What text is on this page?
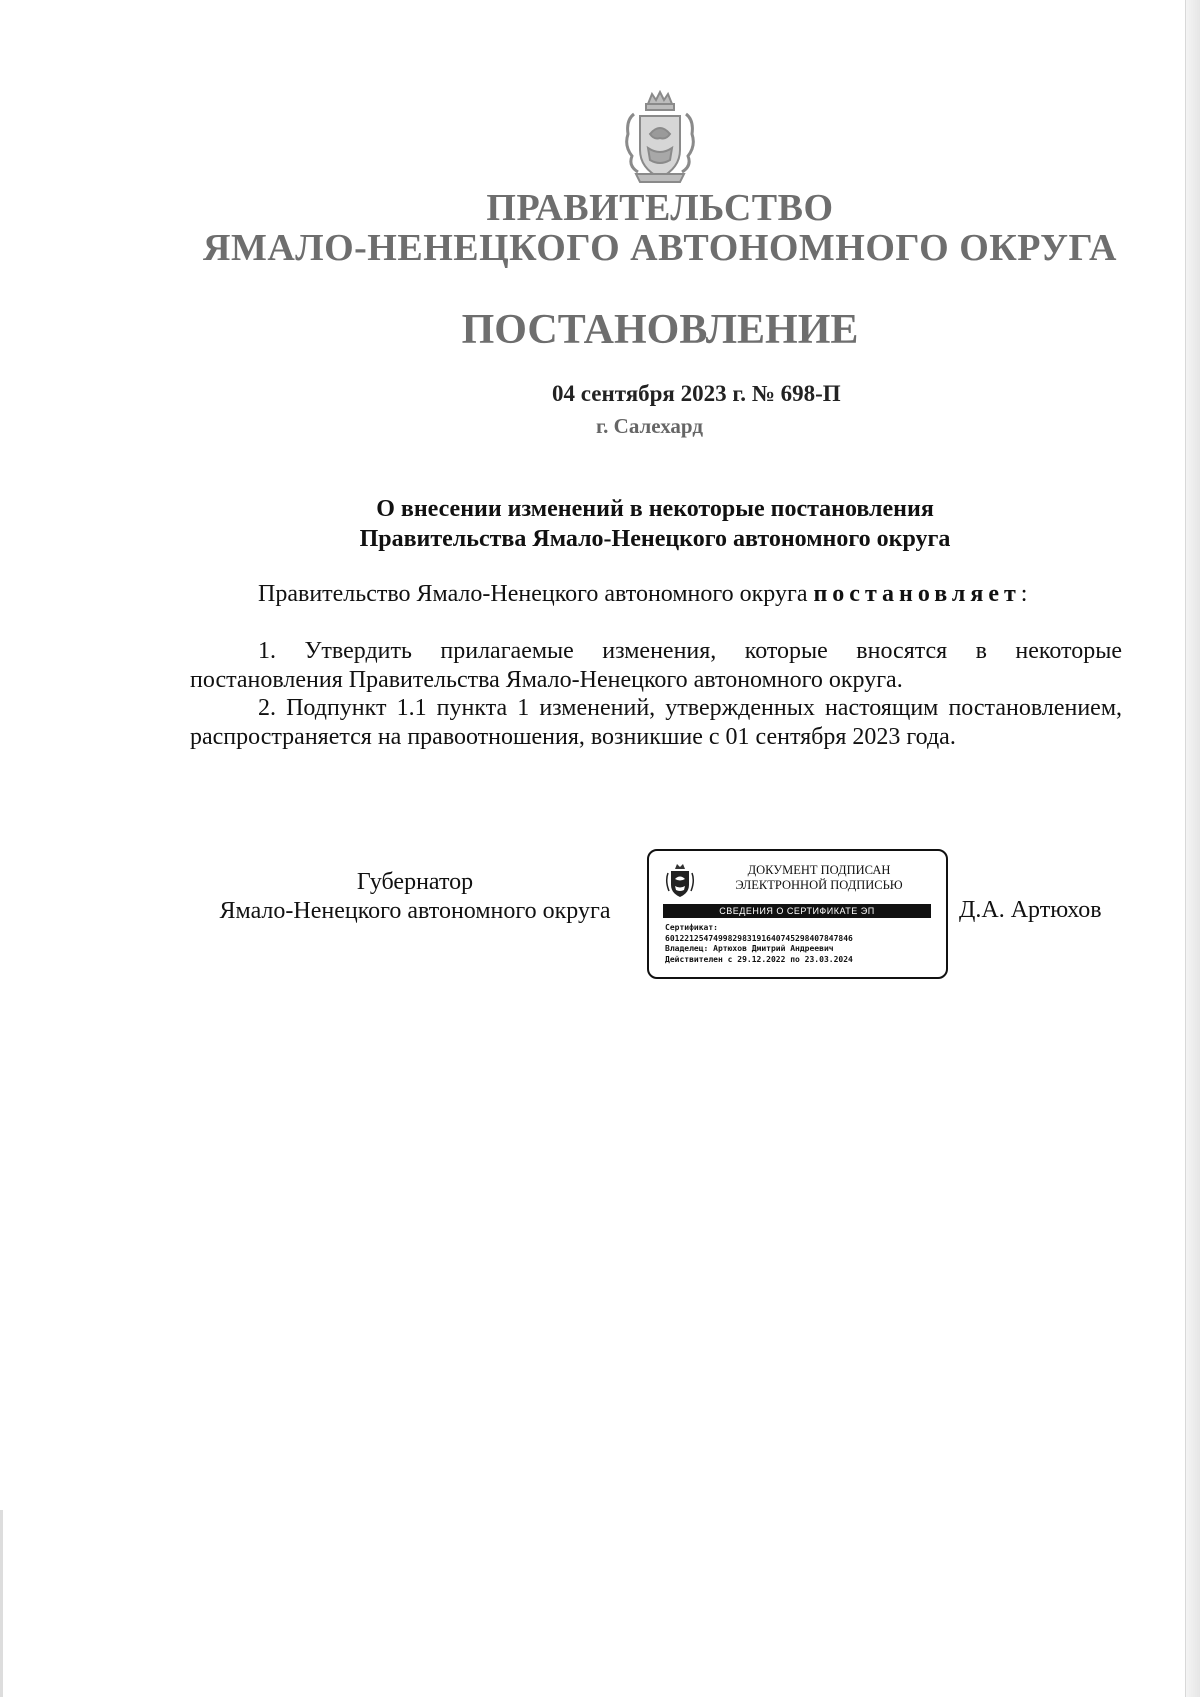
ПРАВИТЕЛЬСТВО
ЯМАЛО-НЕНЕЦКОГО АВТОНОМНОГО ОКРУГА
ПОСТАНОВЛЕНИЕ
04 сентября 2023 г. № 698-П
г. Салехард
О внесении изменений в некоторые постановления
Правительства Ямало-Ненецкого автономного округа
Правительство Ямало-Ненецкого автономного округа постановляет:

1. Утвердить прилагаемые изменения, которые вносятся в некоторые постановления Правительства Ямало-Ненецкого автономного округа.

2. Подпункт 1.1 пункта 1 изменений, утвержденных настоящим постановлением, распространяется на правоотношения, возникшие с 01 сентября 2023 года.

Губернатор
Ямало-Ненецкого автономного округа
ДОКУМЕНТ ПОДПИСАН
ЭЛЕКТРОННОЙ ПОДПИСЬЮ
СВЕДЕНИЯ О СЕРТИФИКАТЕ ЭП
Сертификат:
601221254749982983191640745298407847846
Владелец: Артюхов Дмитрий Андреевич
Действителен с 29.12.2022 по 23.03.2024
Д.А. Артюхов
